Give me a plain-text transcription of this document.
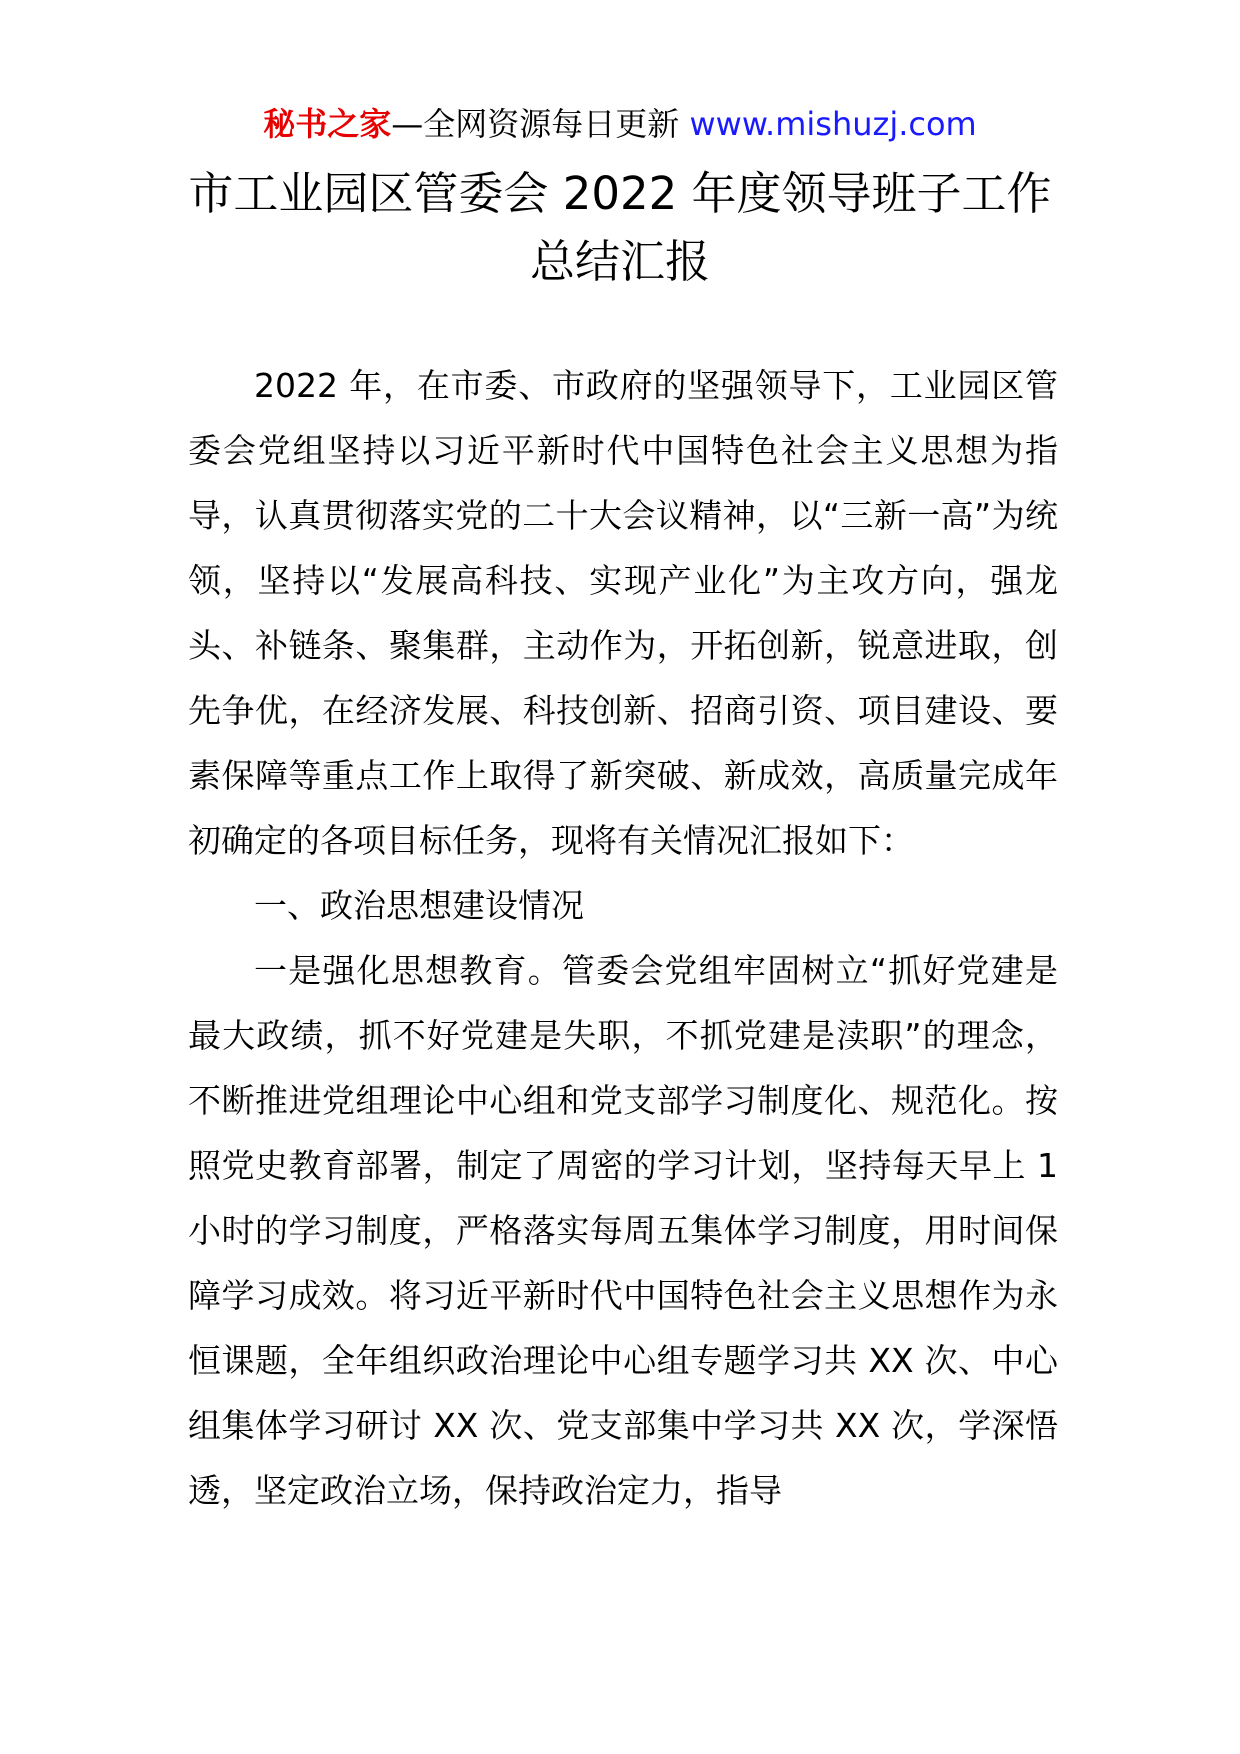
秘书之家—全网资源每日更新 www.mishuzj.com
市工业园区管委会 2022 年度领导班子工作
总结汇报

2022 年，在市委、市政府的坚强领导下，工业园区管委会党组坚持以习近平新时代中国特色社会主义思想为指导，认真贯彻落实党的二十大会议精神，以“三新一高”为统领，坚持以“发展高科技、实现产业化”为主攻方向，强龙头、补链条、聚集群，主动作为，开拓创新，锐意进取，创先争优，在经济发展、科技创新、招商引资、项目建设、要素保障等重点工作上取得了新突破、新成效，高质量完成年初确定的各项目标任务，现将有关情况汇报如下：

一、政治思想建设情况

一是强化思想教育。管委会党组牢固树立“抓好党建是最大政绩，抓不好党建是失职，不抓党建是渎职”的理念，不断推进党组理论中心组和党支部学习制度化、规范化。按照党史教育部署，制定了周密的学习计划，坚持每天早上 1 小时的学习制度，严格落实每周五集体学习制度，用时间保障学习成效。将习近平新时代中国特色社会主义思想作为永恒课题，全年组织政治理论中心组专题学习共 XX 次、中心组集体学习研讨 XX 次、党支部集中学习共 XX 次，学深悟透，坚定政治立场，保持政治定力，指导
